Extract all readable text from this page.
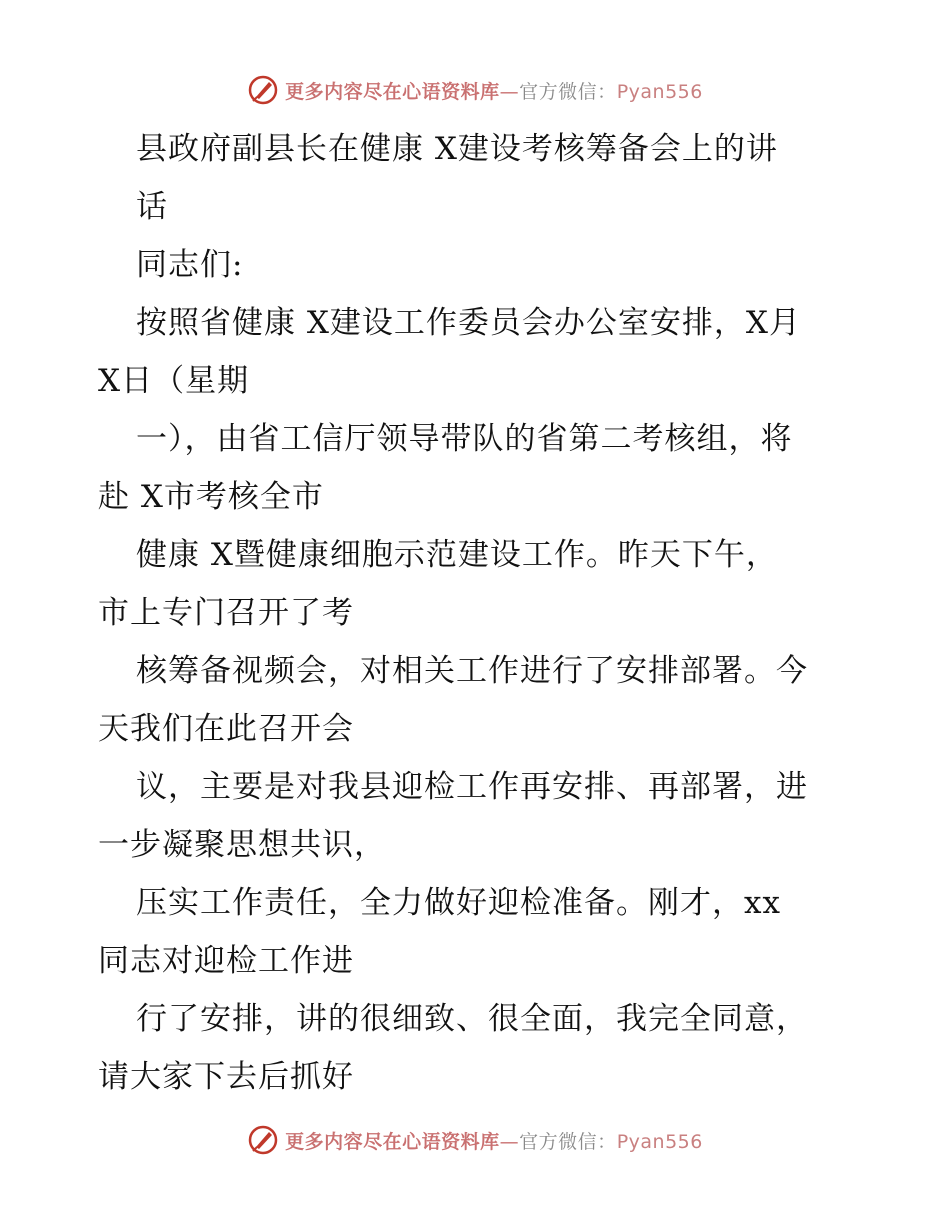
更多内容尽在心语资料库—官方微信：Pyan556
县政府副县长在健康 X建设考核筹备会上的讲
话
同志们:
按照省健康 X建设工作委员会办公室安排，X月
X日（星期
一），由省工信厅领导带队的省第二考核组，将
赴 X市考核全市
健康 X暨健康细胞示范建设工作。昨天下午，
市上专门召开了考
核筹备视频会，对相关工作进行了安排部署。今
天我们在此召开会
议，主要是对我县迎检工作再安排、再部署，进
一步凝聚思想共识，
压实工作责任，全力做好迎检准备。刚才，xx
同志对迎检工作进
行了安排，讲的很细致、很全面，我完全同意，
请大家下去后抓好
更多内容尽在心语资料库—官方微信：Pyan556
